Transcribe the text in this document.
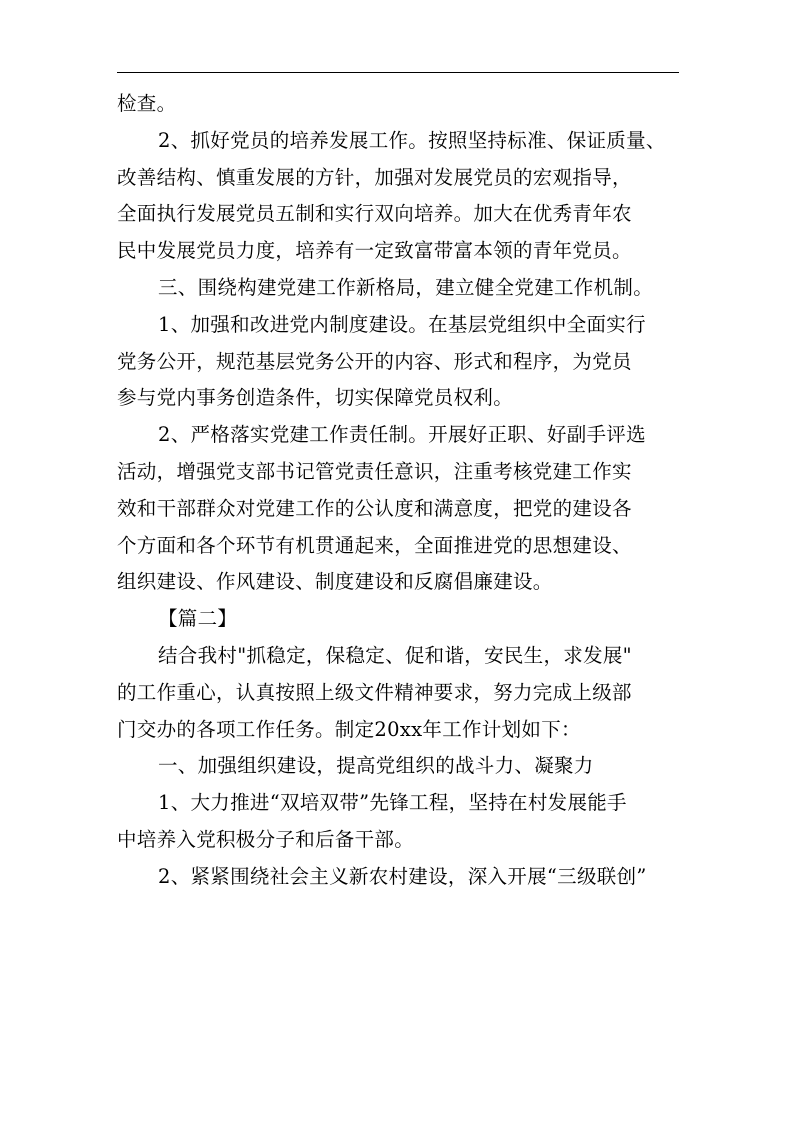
检查。
2、抓好党员的培养发展工作。按照坚持标准、保证质量、
改善结构、慎重发展的方针，加强对发展党员的宏观指导，
全面执行发展党员五制和实行双向培养。加大在优秀青年农
民中发展党员力度，培养有一定致富带富本领的青年党员。
三、围绕构建党建工作新格局，建立健全党建工作机制。
1、加强和改进党内制度建设。在基层党组织中全面实行
党务公开，规范基层党务公开的内容、形式和程序，为党员
参与党内事务创造条件，切实保障党员权利。
2、严格落实党建工作责任制。开展好正职、好副手评选
活动，增强党支部书记管党责任意识，注重考核党建工作实
效和干部群众对党建工作的公认度和满意度，把党的建设各
个方面和各个环节有机贯通起来，全面推进党的思想建设、
组织建设、作风建设、制度建设和反腐倡廉建设。
【篇二】
结合我村"抓稳定，保稳定、促和谐，安民生，求发展"
的工作重心，认真按照上级文件精神要求，努力完成上级部
门交办的各项工作任务。制定20xx年工作计划如下：
一、加强组织建设，提高党组织的战斗力、凝聚力
1、大力推进“双培双带”先锋工程，坚持在村发展能手
中培养入党积极分子和后备干部。
2、紧紧围绕社会主义新农村建设，深入开展“三级联创”
